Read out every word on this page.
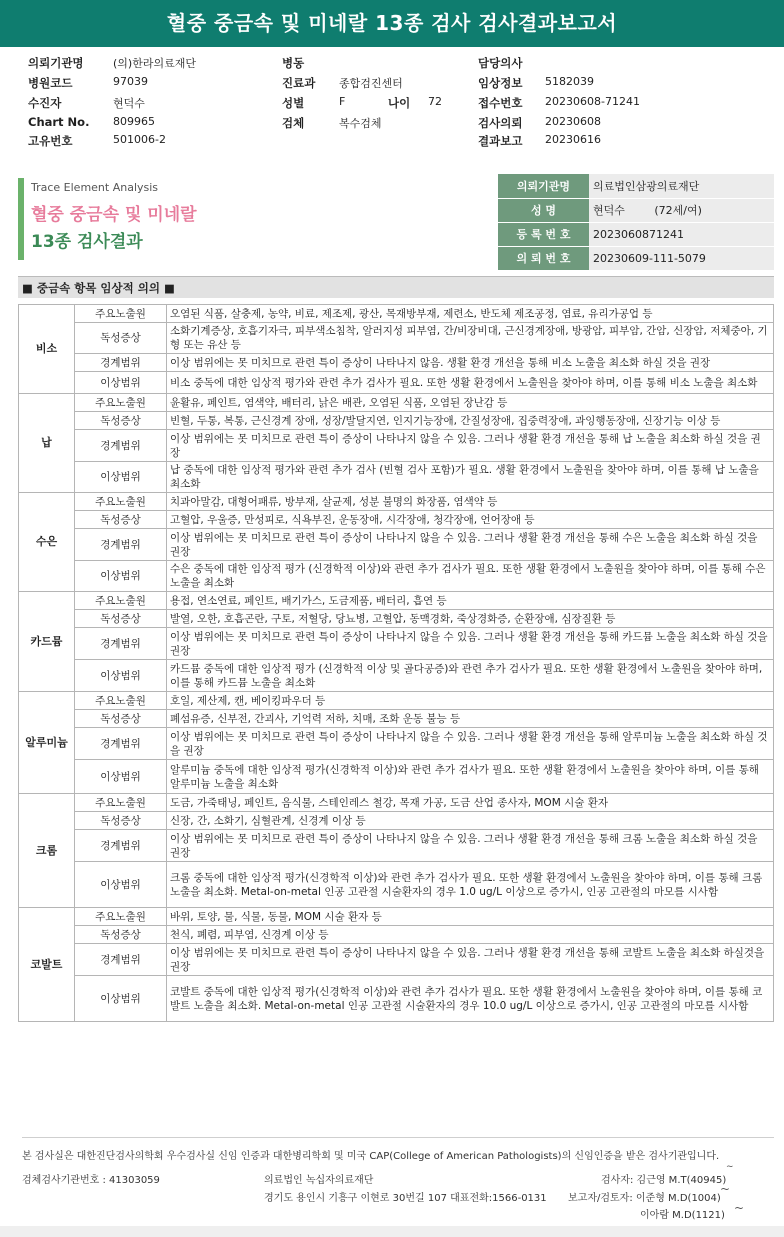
혈중 중금속 및 미네랄 13종 검사 검사결과보고서
의뢰기관명	(의)한라의료재단	병동	담당의사
병원코드	97039	진료과 종합검진센터	임상정보 5182039
수진자	현덕수	성별	F	나이 72	접수번호 20230608-71241
Chart No. 809965	검체	복수검체	검사의뢰 20230608
고유번호	501006-2	결과보고 20230616
Trace Element Analysis
혈중 중금속 및 미네랄
13종 검사결과
의뢰기관명	의료법인삼광의료재단
성 명	현덕수 (72세/여)
등 록 번 호	2023060871241
의 뢰 번 호	20230609-111-5079
■ 중금속 항목 임상적 의의 ■
비소	주요노출원	오염된 식품, 살충제, 농약, 비료, 제조제, 광산, 목재방부재, 제련소, 반도체 제조공정, 염료, 유리가공업 등
	독성증상	소화기계증상, 호흡기자극, 피부색소침착, 알러지성 피부염, 간/비장비대, 근신경계장애, 방광암, 피부암, 간암, 신장암, 저체중아, 기형 또는 유산 등
	경계범위	이상 범위에는 못 미치므로 관련 특이 증상이 나타나지 않음. 생활 환경 개선을 통해 비소 노출을 최소화 하실 것을 권장
	이상범위	비소 중독에 대한 임상적 평가와 관련 추가 검사가 필요. 또한 생활 환경에서 노출원을 찾아야 하며, 이를 통해 비소 노출을 최소화
납	주요노출원	윤활유, 페인트, 염색약, 배터리, 낡은 배관, 오염된 식품, 오염된 장난감 등
	독성증상	빈혈, 두통, 복통, 근신경계 장애, 성장/발달지연, 인지기능장애, 간질성장애, 집중력장애, 과잉행동장애, 신장기능 이상 등
	경계범위	이상 범위에는 못 미치므로 관련 특이 증상이 나타나지 않을 수 있음. 그러나 생활 환경 개선을 통해 납 노출을 최소화 하실 것을 권장
	이상범위	납 중독에 대한 임상적 평가와 관련 추가 검사 (빈혈 검사 포함)가 필요. 생활 환경에서 노출원을 찾아야 하며, 이를 통해 납 노출을 최소화
수은	주요노출원	치과아말감, 대형어패류, 방부재, 살균제, 성분 불명의 화장품, 염색약 등
	독성증상	고혈압, 우울증, 만성피로, 식욕부진, 운동장애, 시각장애, 청각장애, 언어장애 등
	경계범위	이상 범위에는 못 미치므로 관련 특이 증상이 나타나지 않을 수 있음. 그러나 생활 환경 개선을 통해 수은 노출을 최소화 하실 것을 권장
	이상범위	수은 중독에 대한 임상적 평가 (신경학적 이상)와 관련 추가 검사가 필요. 또한 생활 환경에서 노출원을 찾아야 하며, 이를 통해 수은 노출을 최소화
카드뮴	주요노출원	용접, 연소연료, 페인트, 배기가스, 도금제품, 배터리, 흡연 등
	독성증상	발열, 오한, 호흡곤란, 구토, 저혈당, 당뇨병, 고혈압, 동맥경화, 죽상경화증, 순환장애, 심장질환 등
	경계범위	이상 범위에는 못 미치므로 관련 특이 증상이 나타나지 않을 수 있음. 그러나 생활 환경 개선을 통해 카드뮴 노출을 최소화 하실 것을 권장
	이상범위	카드뮴 중독에 대한 임상적 평가 (신경학적 이상 및 골다공증)와 관련 추가 검사가 필요. 또한 생활 환경에서 노출원을 찾아야 하며, 이를 통해 카드뮴 노출을 최소화
알루미늄	주요노출원	호일, 제산제, 캔, 베이킹파우더 등
	독성증상	폐섬유증, 신부전, 간괴사, 기억력 저하, 치매, 조화 운동 불능 등
	경계범위	이상 범위에는 못 미치므로 관련 특이 증상이 나타나지 않을 수 있음. 그러나 생활 환경 개선을 통해 알루미늄 노출을 최소화 하실 것을 권장
	이상범위	알루미늄 중독에 대한 임상적 평가(신경학적 이상)와 관련 추가 검사가 필요. 또한 생활 환경에서 노출원을 찾아야 하며, 이를 통해 알루미늄 노출을 최소화
크롬	주요노출원	도금, 가죽태닝, 페인트, 음식물, 스테인레스 철강, 목재 가공, 도금 산업 종사자, MOM 시술 환자
	독성증상	신장, 간, 소화기, 심혈관계, 신경계 이상 등
	경계범위	이상 범위에는 못 미치므로 관련 특이 증상이 나타나지 않을 수 있음. 그러나 생활 환경 개선을 통해 크롬 노출을 최소화 하실 것을 권장
	이상범위	크롬 중독에 대한 임상적 평가(신경학적 이상)와 관련 추가 검사가 필요. 또한 생활 환경에서 노출원을 찾아야 하며, 이를 통해 크롬 노출을 최소화. Metal-on-metal 인공 고관절 시술환자의 경우 1.0 ug/L 이상으로 증가시, 인공 고관절의 마모를 시사함
코발트	주요노출원	바위, 토양, 물, 식물, 동물, MOM 시술 환자 등
	독성증상	천식, 폐렴, 피부염, 신경계 이상 등
	경계범위	이상 범위에는 못 미치므로 관련 특이 증상이 나타나지 않을 수 있음. 그러나 생활 환경 개선을 통해 코발트 노출을 최소화 하실것을 권장
	이상범위	코발트 중독에 대한 임상적 평가(신경학적 이상)와 관련 추가 검사가 필요. 또한 생활 환경에서 노출원을 찾아야 하며, 이를 통해 코발트 노출을 최소화. Metal-on-metal 인공 고관절 시술환자의 경우 10.0 ug/L 이상으로 증가시, 인공 고관절의 마모를 시사함
본 검사실은 대한진단검사의학회 우수검사실 신임 인증과 대한병리학회 및 미국 CAP(College of American Pathologists)의 신임인증을 받은 검사기관입니다.
검체검사기관번호 : 41303059	의료법인 녹십자의료재단
경기도 용인시 기흥구 이현로 30번길 107 대표전화:1566-0131
검사자: 김근영 M.T(40945)
~
보고자/검토자: 이준형 M.D(1004)
~
이아람 M.D(1121)
~
